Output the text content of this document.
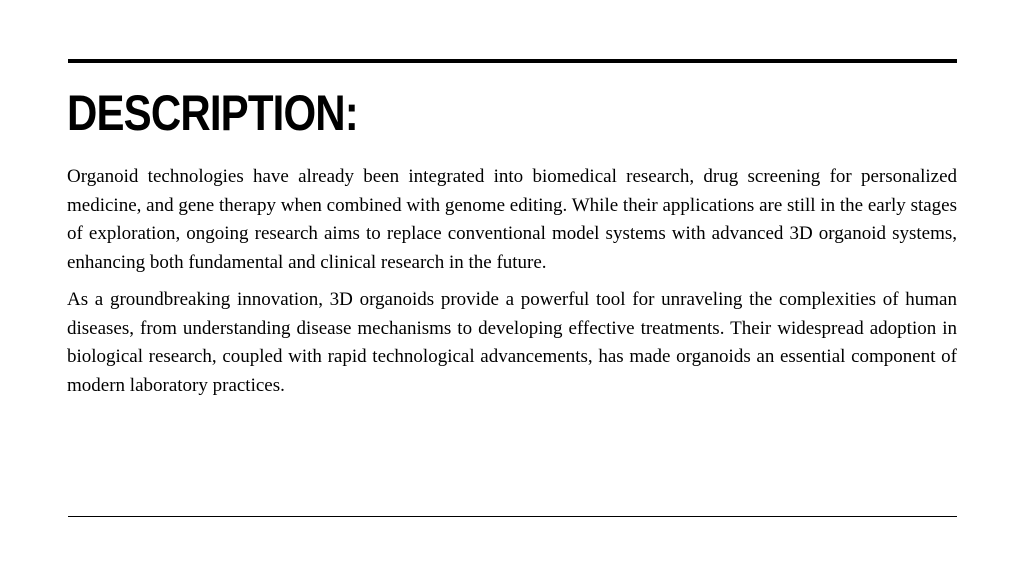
DESCRIPTION:

Organoid technologies have already been integrated into biomedical research, drug screening for personalized medicine, and gene therapy when combined with genome editing. While their applications are still in the early stages of exploration, ongoing research aims to replace conventional model systems with advanced 3D organoid systems, enhancing both fundamental and clinical research in the future.

As a groundbreaking innovation, 3D organoids provide a powerful tool for unraveling the complexities of human diseases, from understanding disease mechanisms to developing effective treatments. Their widespread adoption in biological research, coupled with rapid technological advancements, has made organoids an essential component of modern laboratory practices.
